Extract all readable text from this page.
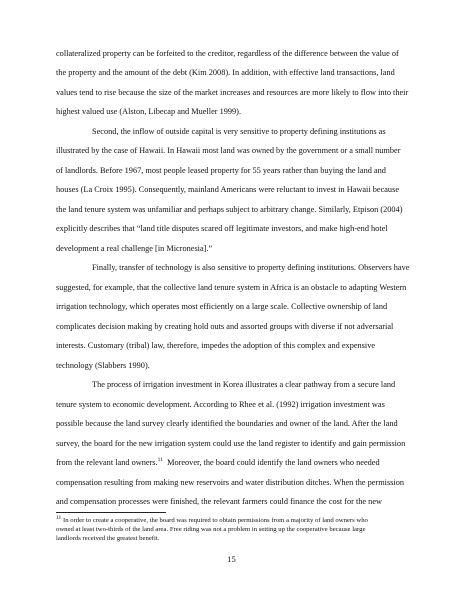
collateralized property can be forfeited to the creditor, regardless of the difference between the value of

the property and the amount of the debt (Kim 2008). In addition, with effective land transactions, land

values tend to rise because the size of the market increases and resources are more likely to flow into their

highest valued use (Alston, Libecap and Mueller 1999).

Second, the inflow of outside capital is very sensitive to property defining institutions as

illustrated by the case of Hawaii. In Hawaii most land was owned by the government or a small number

of landlords. Before 1967, most people leased property for 55 years rather than buying the land and

houses (La Croix 1995). Consequently, mainland Americans were reluctant to invest in Hawaii because

the land tenure system was unfamiliar and perhaps subject to arbitrary change. Similarly, Etpison (2004)

explicitly describes that “land title disputes scared off legitimate investors, and make high-end hotel

development a real challenge [in Micronesia].”

Finally, transfer of technology is also sensitive to property defining institutions. Observers have

suggested, for example, that the collective land tenure system in Africa is an obstacle to adapting Western

irrigation technology, which operates most efficiently on a large scale. Collective ownership of land

complicates decision making by creating hold outs and assorted groups with diverse if not adversarial

interests. Customary (tribal) law, therefore, impedes the adoption of this complex and expensive

technology (Slabbers 1990).

The process of irrigation investment in Korea illustrates a clear pathway from a secure land

tenure system to economic development. According to Rhee et al. (1992) irrigation investment was

possible because the land survey clearly identified the boundaries and owner of the land. After the land

survey, the board for the new irrigation system could use the land register to identify and gain permission

from the relevant land owners.$^{11}$ Moreover, the board could identify the land owners who needed

compensation resulting from making new reservoirs and water distribution ditches. When the permission

and compensation processes were finished, the relevant farmers could finance the cost for the new

$^{11}$ In order to create a cooperative, the board was required to obtain permissions from a majority of land owners who

owned at least two-thirds of the land area. Free riding was not a problem in setting up the cooperative because large

landlords received the greatest benefit.

15
